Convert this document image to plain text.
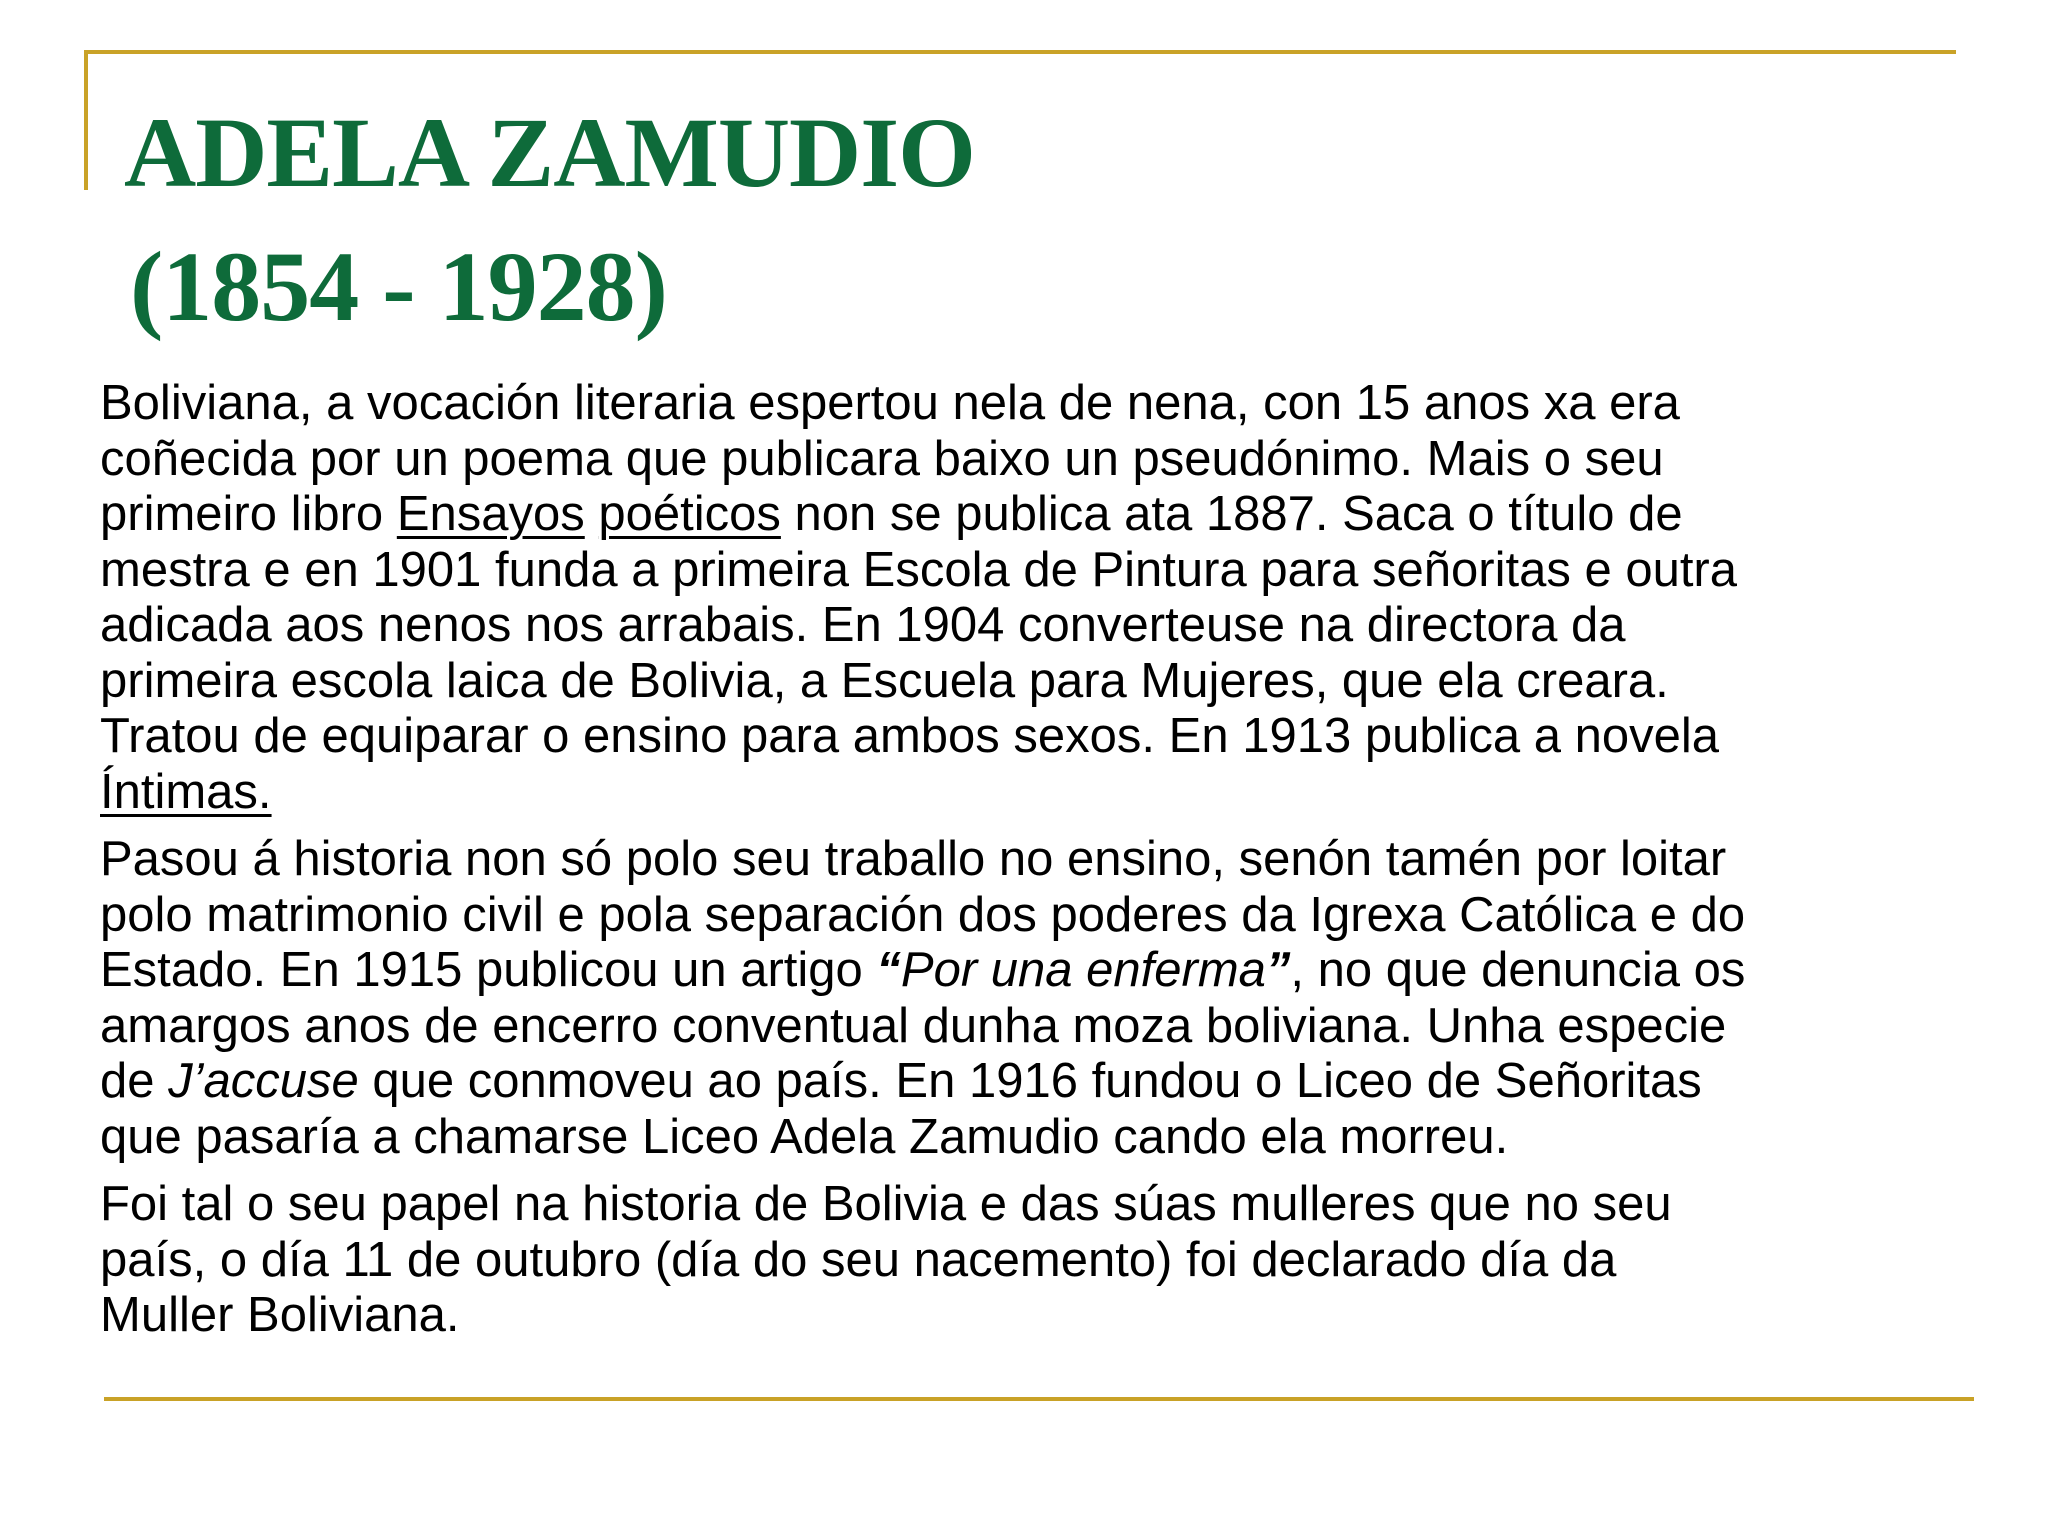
ADELA ZAMUDIO
(1854 - 1928)
Boliviana, a vocación literaria espertou nela de nena, con 15 anos xa era
coñecida por un poema que publicara baixo un pseudónimo. Mais o seu
primeiro libro Ensayos poéticos non se publica ata 1887. Saca o título de
mestra e en 1901 funda a primeira Escola de Pintura para señoritas e outra
adicada aos nenos nos arrabais. En 1904 converteuse na directora da
primeira escola laica de Bolivia, a Escuela para Mujeres, que ela creara.
Tratou de equiparar o ensino para ambos sexos. En 1913 publica a novela
Íntimas.
Pasou á historia non só polo seu traballo no ensino, senón tamén por loitar
polo matrimonio civil e pola separación dos poderes da Igrexa Católica e do
Estado. En 1915 publicou un artigo “Por una enferma”, no que denuncia os
amargos anos de encerro conventual dunha moza boliviana. Unha especie
de J’accuse que conmoveu ao país. En 1916 fundou o Liceo de Señoritas
que pasaría a chamarse Liceo Adela Zamudio cando ela morreu.
Foi tal o seu papel na historia de Bolivia e das súas mulleres que no seu
país, o día 11 de outubro (día do seu nacemento) foi declarado día da
Muller Boliviana.
